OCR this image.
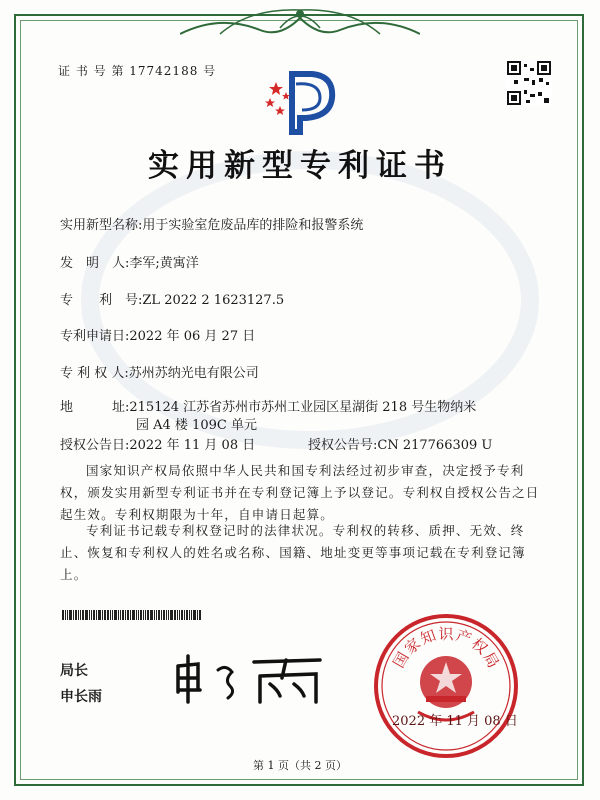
证 书 号 第 17742188 号
实用新型专利证书
实用新型名称:用于实验室危废品库的排险和报警系统
发　明　人:李军;黄寓洋
专　　利　号:ZL 2022 2 1623127.5
专利申请日:2022 年 06 月 27 日
专 利 权 人:苏州苏纳光电有限公司
地　　　址:215124 江苏省苏州市苏州工业园区星湖街 218 号生物纳米
园 A4 楼 109C 单元
授权公告日:2022 年 11 月 08 日	授权公告号:CN 217766309 U
国家知识产权局依照中华人民共和国专利法经过初步审查，决定授予专利权，颁发实用新型专利证书并在专利登记簿上予以登记。专利权自授权公告之日起生效。专利权期限为十年，自申请日起算。
专利证书记载专利权登记时的法律状况。专利权的转移、质押、无效、终止、恢复和专利权人的姓名或名称、国籍、地址变更等事项记载在专利登记簿上。
局长
申长雨
国
家
知 识 产
权
局
2022 年 11 月 08 日
第 1 页（共 2 页）
